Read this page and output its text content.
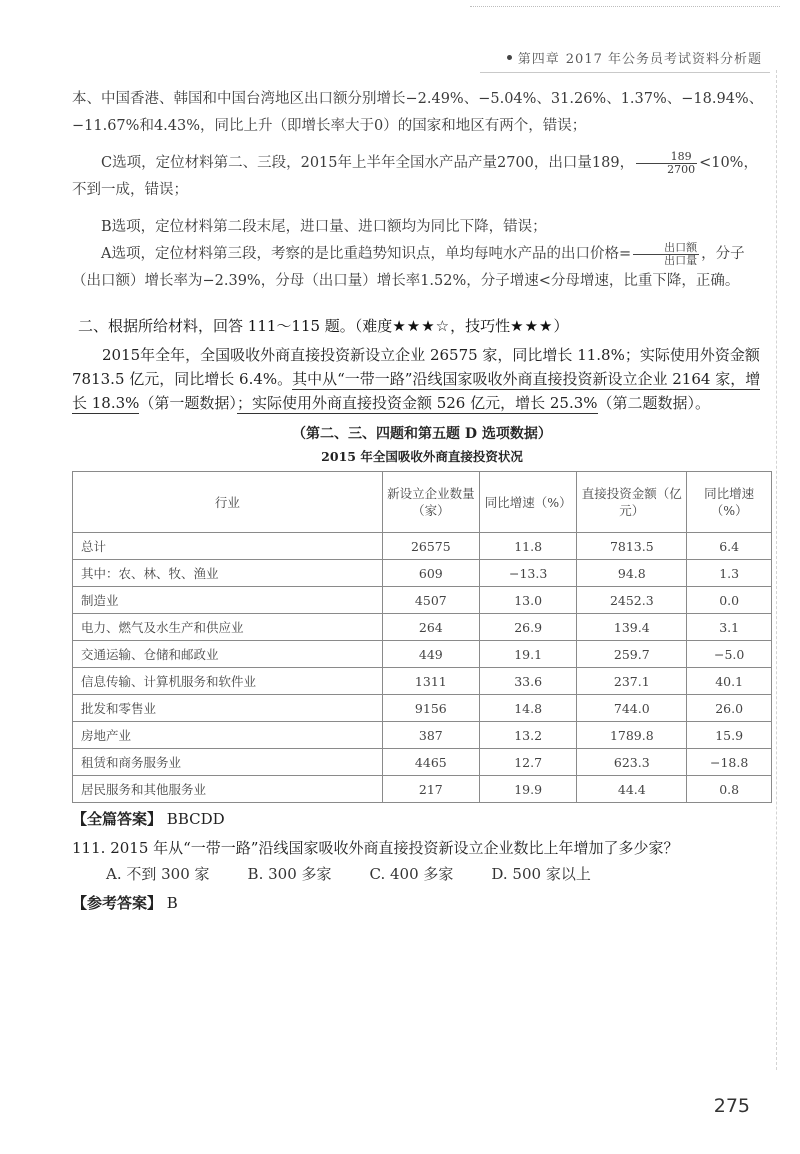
第四章 2017 年公务员考试资料分析题

本、中国香港、韩国和中国台湾地区出口额分别增长−2.49%、−5.04%、31.26%、1.37%、−18.94%、−11.67%和4.43%，同比上升（即增长率大于0）的国家和地区有两个，错误；

C选项，定位材料第二、三段，2015年上半年全国水产品产量2700，出口量189， $\frac{189}{2700} <10\%$，不到一成，错误；

B选项，定位材料第二段末尾，进口量、进口额均为同比下降，错误；

A选项，定位材料第三段，考察的是比重趋势知识点，单均每吨水产品的出口价格= $\frac{\text{出口额}}{\text{出口量}}$ ，分子（出口额）增长率为−2.39%，分母（出口量）增长率1.52%，分子增速<分母增速，比重下降，正确。

二、根据所给材料，回答 111～115 题。（难度★★★☆，技巧性★★★）

2015年全年，全国吸收外商直接投资新设立企业 26575 家，同比增长 11.8%；实际使用外资金额 7813.5 亿元，同比增长 6.4%。其中从“一带一路”沿线国家吸收外商直接投资新设立企业 2164 家，增长 18.3%（第一题数据）；实际使用外商直接投资金额 526 亿元，增长 25.3%（第二题数据）。

（第二、三、四题和第五题 D 选项数据）
2015 年全国吸收外商直接投资状况
行业	新设立企业数量（家）	同比增速（%）	直接投资金额（亿元）	同比增速（%）
总计	26575	11.8	7813.5	6.4
其中：农、林、牧、渔业	609	−13.3	94.8	1.3
制造业	4507	13.0	2452.3	0.0
电力、燃气及水生产和供应业	264	26.9	139.4	3.1
交通运输、仓储和邮政业	449	19.1	259.7	−5.0
信息传输、计算机服务和软件业	1311	33.6	237.1	40.1
批发和零售业	9156	14.8	744.0	26.0
房地产业	387	13.2	1789.8	15.9
租赁和商务服务业	4465	12.7	623.3	−18.8
居民服务和其他服务业	217	19.9	44.4	0.8
【全篇答案】 BBCDD
111. 2015 年从“一带一路”沿线国家吸收外商直接投资新设立企业数比上年增加了多少家？
A. 不到 300 家	B. 300 多家	C. 400 多家	D. 500 家以上
【参考答案】 B
275
